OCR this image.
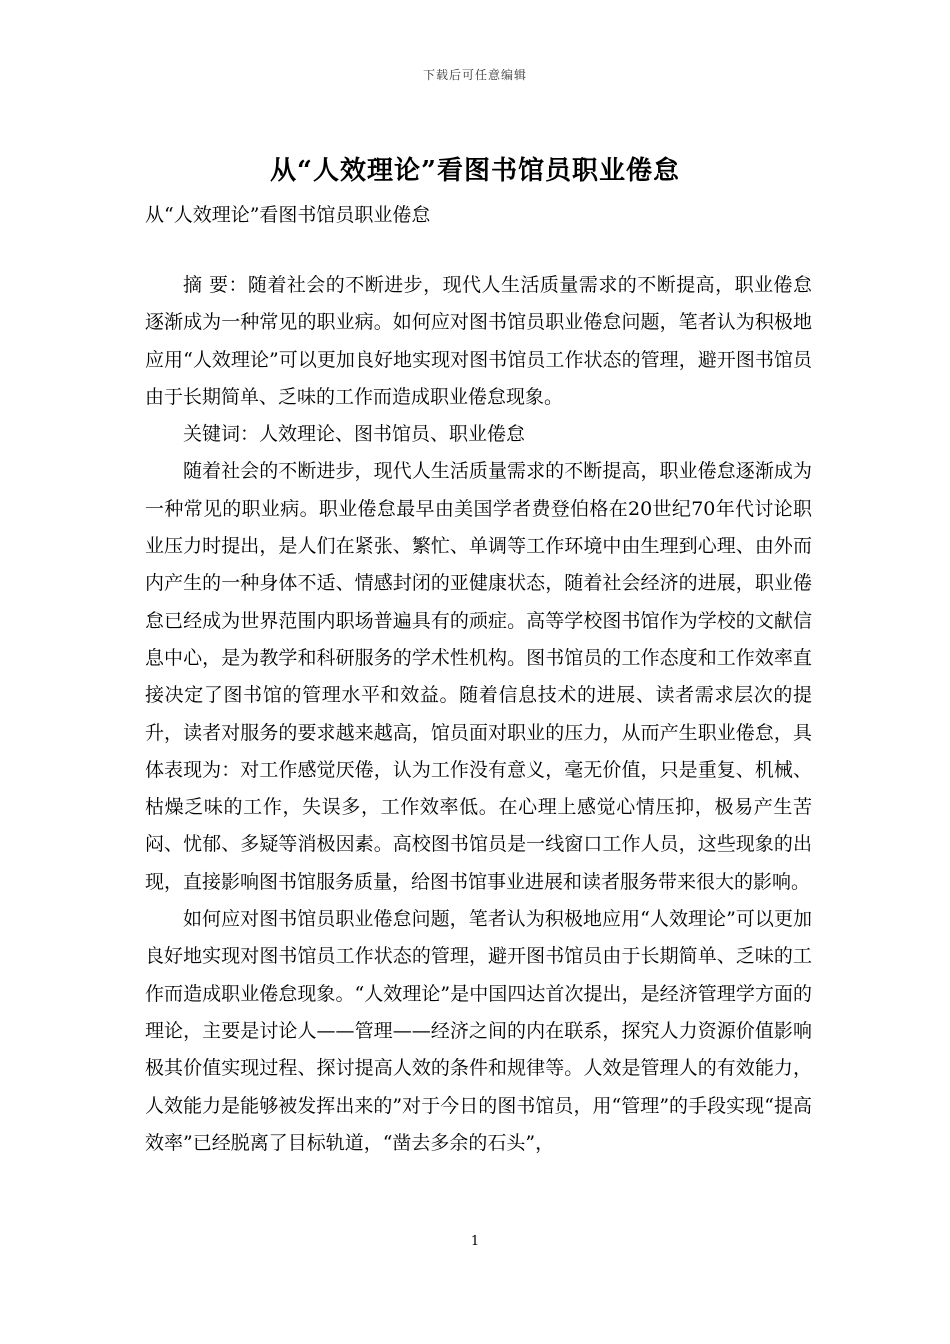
下载后可任意编辑
从“人效理论”看图书馆员职业倦怠
从“人效理论”看图书馆员职业倦怠

摘 要：随着社会的不断进步，现代人生活质量需求的不断提高，职业倦怠逐渐成为一种常见的职业病。如何应对图书馆员职业倦怠问题，笔者认为积极地应用“人效理论”可以更加良好地实现对图书馆员工作状态的管理，避开图书馆员由于长期简单、乏味的工作而造成职业倦怠现象。

关键词：人效理论、图书馆员、职业倦怠

随着社会的不断进步，现代人生活质量需求的不断提高，职业倦怠逐渐成为一种常见的职业病。职业倦怠最早由美国学者费登伯格在20世纪70年代讨论职业压力时提出，是人们在紧张、繁忙、单调等工作环境中由生理到心理、由外而内产生的一种身体不适、情感封闭的亚健康状态，随着社会经济的进展，职业倦怠已经成为世界范围内职场普遍具有的顽症。高等学校图书馆作为学校的文献信息中心，是为教学和科研服务的学术性机构。图书馆员的工作态度和工作效率直接决定了图书馆的管理水平和效益。随着信息技术的进展、读者需求层次的提升，读者对服务的要求越来越高，馆员面对职业的压力，从而产生职业倦怠，具体表现为：对工作感觉厌倦，认为工作没有意义，毫无价值，只是重复、机械、枯燥乏味的工作，失误多，工作效率低。在心理上感觉心情压抑，极易产生苦闷、忧郁、多疑等消极因素。高校图书馆员是一线窗口工作人员，这些现象的出现，直接影响图书馆服务质量，给图书馆事业进展和读者服务带来很大的影响。

如何应对图书馆员职业倦怠问题，笔者认为积极地应用“人效理论”可以更加良好地实现对图书馆员工作状态的管理，避开图书馆员由于长期简单、乏味的工作而造成职业倦怠现象。“人效理论”是中国四达首次提出，是经济管理学方面的理论，主要是讨论人——管理——经济之间的内在联系，探究人力资源价值影响极其价值实现过程、探讨提高人效的条件和规律等。人效是管理人的有效能力，人效能力是能够被发挥出来的”对于今日的图书馆员，用“管理”的手段实现“提高效率”已经脱离了目标轨道，“凿去多余的石头”，

1
